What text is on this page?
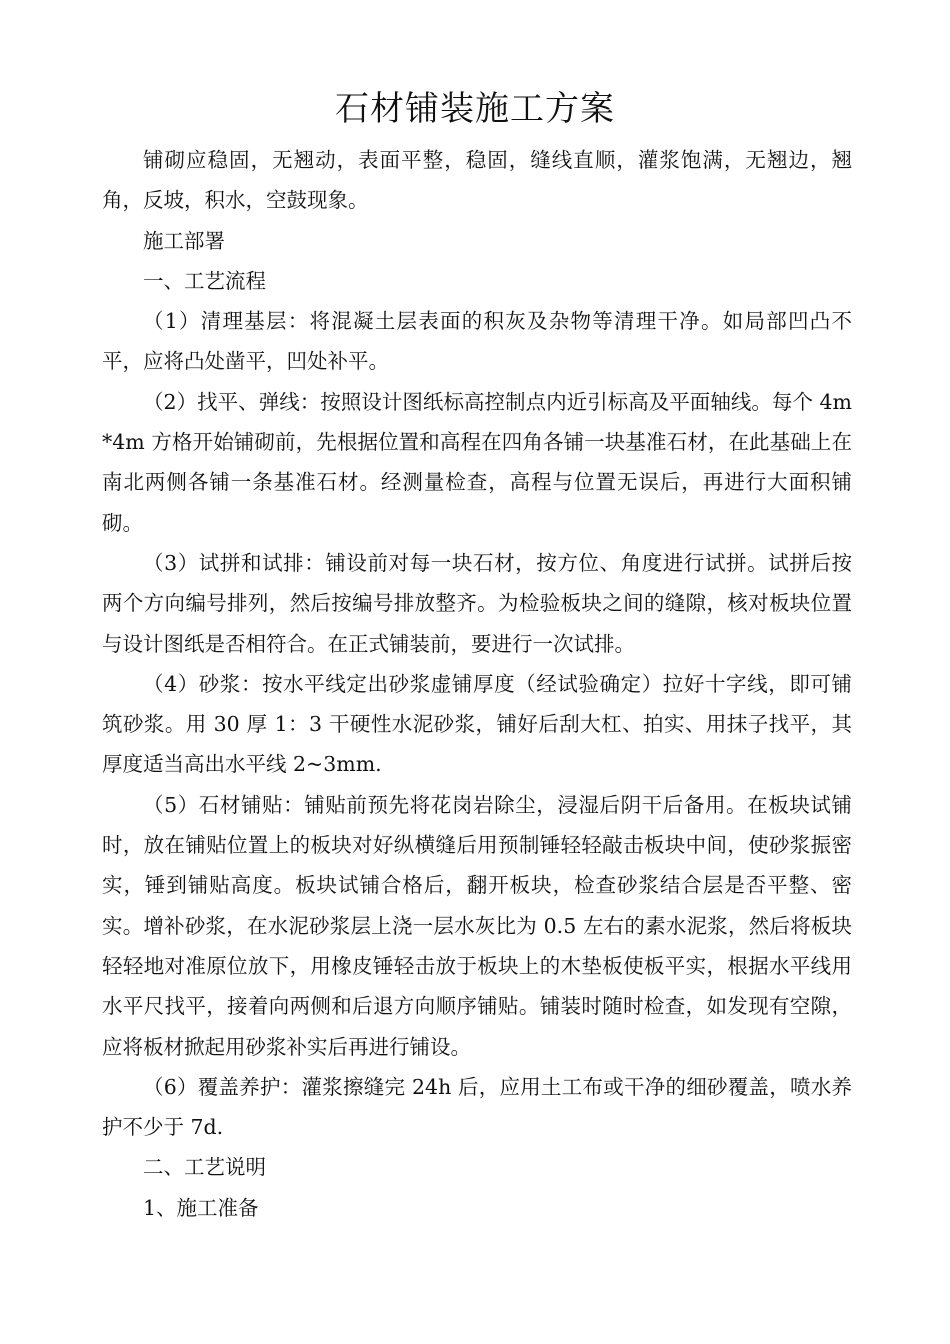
石材铺装施工方案

铺砌应稳固，无翘动，表面平整，稳固，缝线直顺，灌浆饱满，无翘边，翘角，反坡，积水，空鼓现象。

施工部署

一、工艺流程

（1）清理基层：将混凝土层表面的积灰及杂物等清理干净。如局部凹凸不平，应将凸处凿平，凹处补平。

（2）找平、弹线：按照设计图纸标高控制点内近引标高及平面轴线。每个 4m*4m 方格开始铺砌前，先根据位置和高程在四角各铺一块基准石材，在此基础上在南北两侧各铺一条基准石材。经测量检查，高程与位置无误后，再进行大面积铺砌。

（3）试拼和试排：铺设前对每一块石材，按方位、角度进行试拼。试拼后按两个方向编号排列，然后按编号排放整齐。为检验板块之间的缝隙，核对板块位置与设计图纸是否相符合。在正式铺装前，要进行一次试排。

（4）砂浆：按水平线定出砂浆虚铺厚度（经试验确定）拉好十字线，即可铺筑砂浆。用 30 厚 1：3 干硬性水泥砂浆，铺好后刮大杠、拍实、用抹子找平，其厚度适当高出水平线 2~3mm.

（5）石材铺贴：铺贴前预先将花岗岩除尘，浸湿后阴干后备用。在板块试铺时，放在铺贴位置上的板块对好纵横缝后用预制锤轻轻敲击板块中间，使砂浆振密实，锤到铺贴高度。板块试铺合格后，翻开板块，检查砂浆结合层是否平整、密实。增补砂浆，在水泥砂浆层上浇一层水灰比为 0.5 左右的素水泥浆，然后将板块轻轻地对准原位放下，用橡皮锤轻击放于板块上的木垫板使板平实，根据水平线用水平尺找平，接着向两侧和后退方向顺序铺贴。铺装时随时检查，如发现有空隙，应将板材掀起用砂浆补实后再进行铺设。

（6）覆盖养护：灌浆擦缝完 24h 后，应用土工布或干净的细砂覆盖，喷水养护不少于 7d.

二、工艺说明

1、施工准备
